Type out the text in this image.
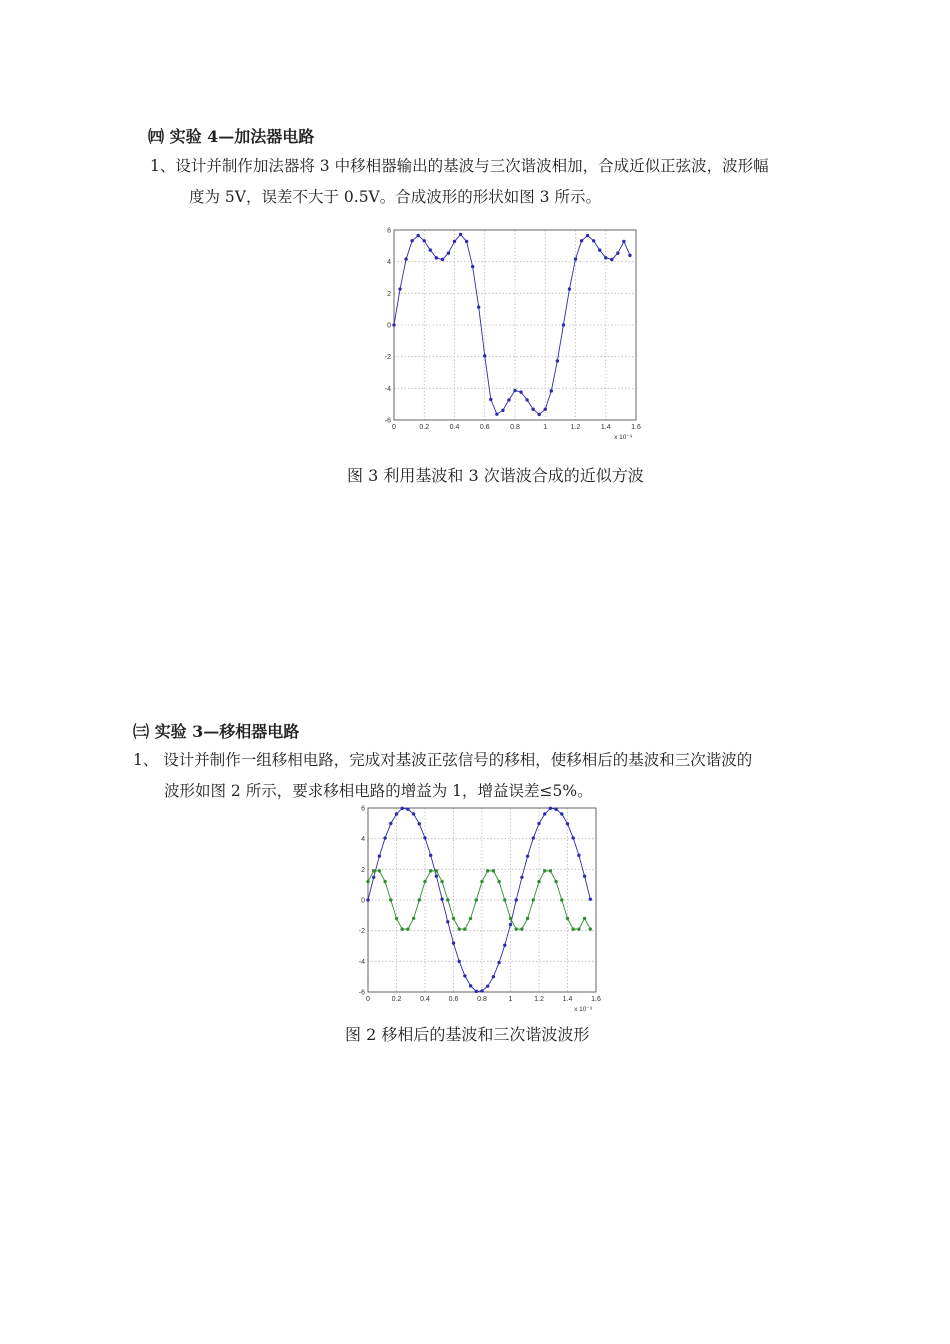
㈣ 实验 4—加法器电路
1、设计并制作加法器将 3 中移相器输出的基波与三次谐波相加，合成近似正弦波，波形幅
度为 5V，误差不大于 0.5V。合成波形的形状如图 3 所示。
0	0.2	0.4	0.6	0.8	1	1.2	1.4	1.6
6
4
2
0
-2
-4
-6
x 10⁻³
图 3 利用基波和 3 次谐波合成的近似方波
㈢ 实验 3—移相器电路
1、 设计并制作一组移相电路，完成对基波正弦信号的移相，使移相后的基波和三次谐波的
波形如图 2 所示，要求移相电路的增益为 1，增益误差≤5%。
0	0.2	0.4	0.6	0.8	1	1.2	1.4	1.6
6
4
2
0
-2
-4
-6
x 10⁻³
图 2 移相后的基波和三次谐波波形
